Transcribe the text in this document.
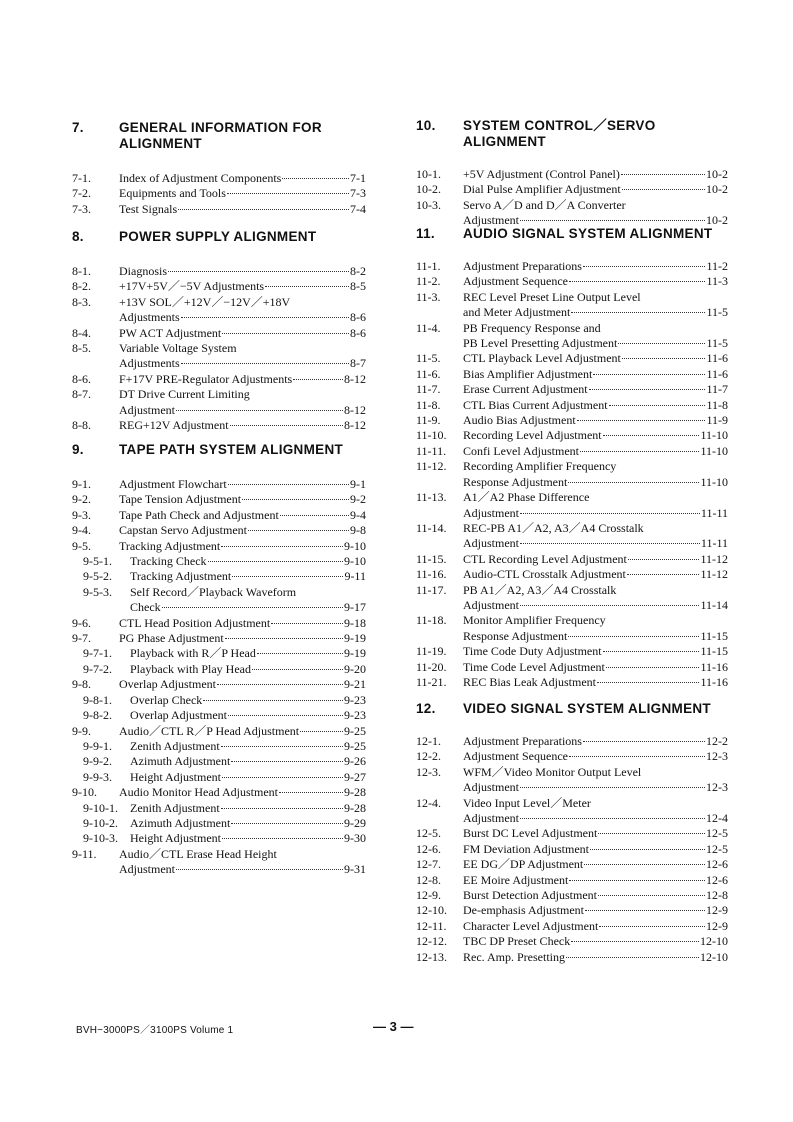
7.	GENERAL INFORMATION FOR
ALIGNMENT
7-1.	Index of Adjustment Components	7-1
7-2.	Equipments and Tools	7-3
7-3.	Test Signals	7-4
8.	POWER SUPPLY ALIGNMENT
8-1.	Diagnosis	8-2
8-2.	+17V+5V／−5V Adjustments	8-5
8-3.	+13V SOL／+12V／−12V／+18V
Adjustments	8-6
8-4.	PW ACT Adjustment	8-6
8-5.	Variable Voltage System
Adjustments	8-7
8-6.	F+17V PRE-Regulator Adjustments	8-12
8-7.	DT Drive Current Limiting
Adjustment	8-12
8-8.	REG+12V Adjustment	8-12
9.	TAPE PATH SYSTEM ALIGNMENT
9-1.	Adjustment Flowchart	9-1
9-2.	Tape Tension Adjustment	9-2
9-3.	Tape Path Check and Adjustment	9-4
9-4.	Capstan Servo Adjustment	9-8
9-5.	Tracking Adjustment	9-10
9-5-1.	Tracking Check	9-10
9-5-2.	Tracking Adjustment	9-11
9-5-3.	Self Record／Playback Waveform
Check	9-17
9-6.	CTL Head Position Adjustment	9-18
9-7.	PG Phase Adjustment	9-19
9-7-1.	Playback with R／P Head	9-19
9-7-2.	Playback with Play Head	9-20
9-8.	Overlap Adjustment	9-21
9-8-1.	Overlap Check	9-23
9-8-2.	Overlap Adjustment	9-23
9-9.	Audio／CTL R／P Head Adjustment	9-25
9-9-1.	Zenith Adjustment	9-25
9-9-2.	Azimuth Adjustment	9-26
9-9-3.	Height Adjustment	9-27
9-10.	Audio Monitor Head Adjustment	9-28
9-10-1.	Zenith Adjustment	9-28
9-10-2.	Azimuth Adjustment	9-29
9-10-3.	Height Adjustment	9-30
9-11.	Audio／CTL Erase Head Height
Adjustment	9-31
10.	SYSTEM CONTROL／SERVO ALIGNMENT
10-1.	+5V Adjustment (Control Panel)	10-2
10-2.	Dial Pulse Amplifier Adjustment	10-2
10-3.	Servo A／D and D／A Converter
Adjustment	10-2
11.	AUDIO SIGNAL SYSTEM ALIGNMENT
11-1.	Adjustment Preparations	11-2
11-2.	Adjustment Sequence	11-3
11-3.	REC Level Preset Line Output Level
and Meter Adjustment	11-5
11-4.	PB Frequency Response and
PB Level Presetting Adjustment	11-5
11-5.	CTL Playback Level Adjustment	11-6
11-6.	Bias Amplifier Adjustment	11-6
11-7.	Erase Current Adjustment	11-7
11-8.	CTL Bias Current Adjustment	11-8
11-9.	Audio Bias Adjustment	11-9
11-10.	Recording Level Adjustment	11-10
11-11.	Confi Level Adjustment	11-10
11-12.	Recording Amplifier Frequency
Response Adjustment	11-10
11-13.	A1／A2 Phase Difference
Adjustment	11-11
11-14.	REC-PB A1／A2, A3／A4 Crosstalk
Adjustment	11-11
11-15.	CTL Recording Level Adjustment	11-12
11-16.	Audio-CTL Crosstalk Adjustment	11-12
11-17.	PB A1／A2, A3／A4 Crosstalk
Adjustment	11-14
11-18.	Monitor Amplifier Frequency
Response Adjustment	11-15
11-19.	Time Code Duty Adjustment	11-15
11-20.	Time Code Level Adjustment	11-16
11-21.	REC Bias Leak Adjustment	11-16
12.	VIDEO SIGNAL SYSTEM ALIGNMENT
12-1.	Adjustment Preparations	12-2
12-2.	Adjustment Sequence	12-3
12-3.	WFM／Video Monitor Output Level
Adjustment	12-3
12-4.	Video Input Level／Meter
Adjustment	12-4
12-5.	Burst DC Level Adjustment	12-5
12-6.	FM Deviation Adjustment	12-5
12-7.	EE DG／DP Adjustment	12-6
12-8.	EE Moire Adjustment	12-6
12-9.	Burst Detection Adjustment	12-8
12-10.	De-emphasis Adjustment	12-9
12-11.	Character Level Adjustment	12-9
12-12.	TBC DP Preset Check	12-10
12-13.	Rec. Amp. Presetting	12-10
BVH−3000PS／3100PS Volume 1	— 3 —
